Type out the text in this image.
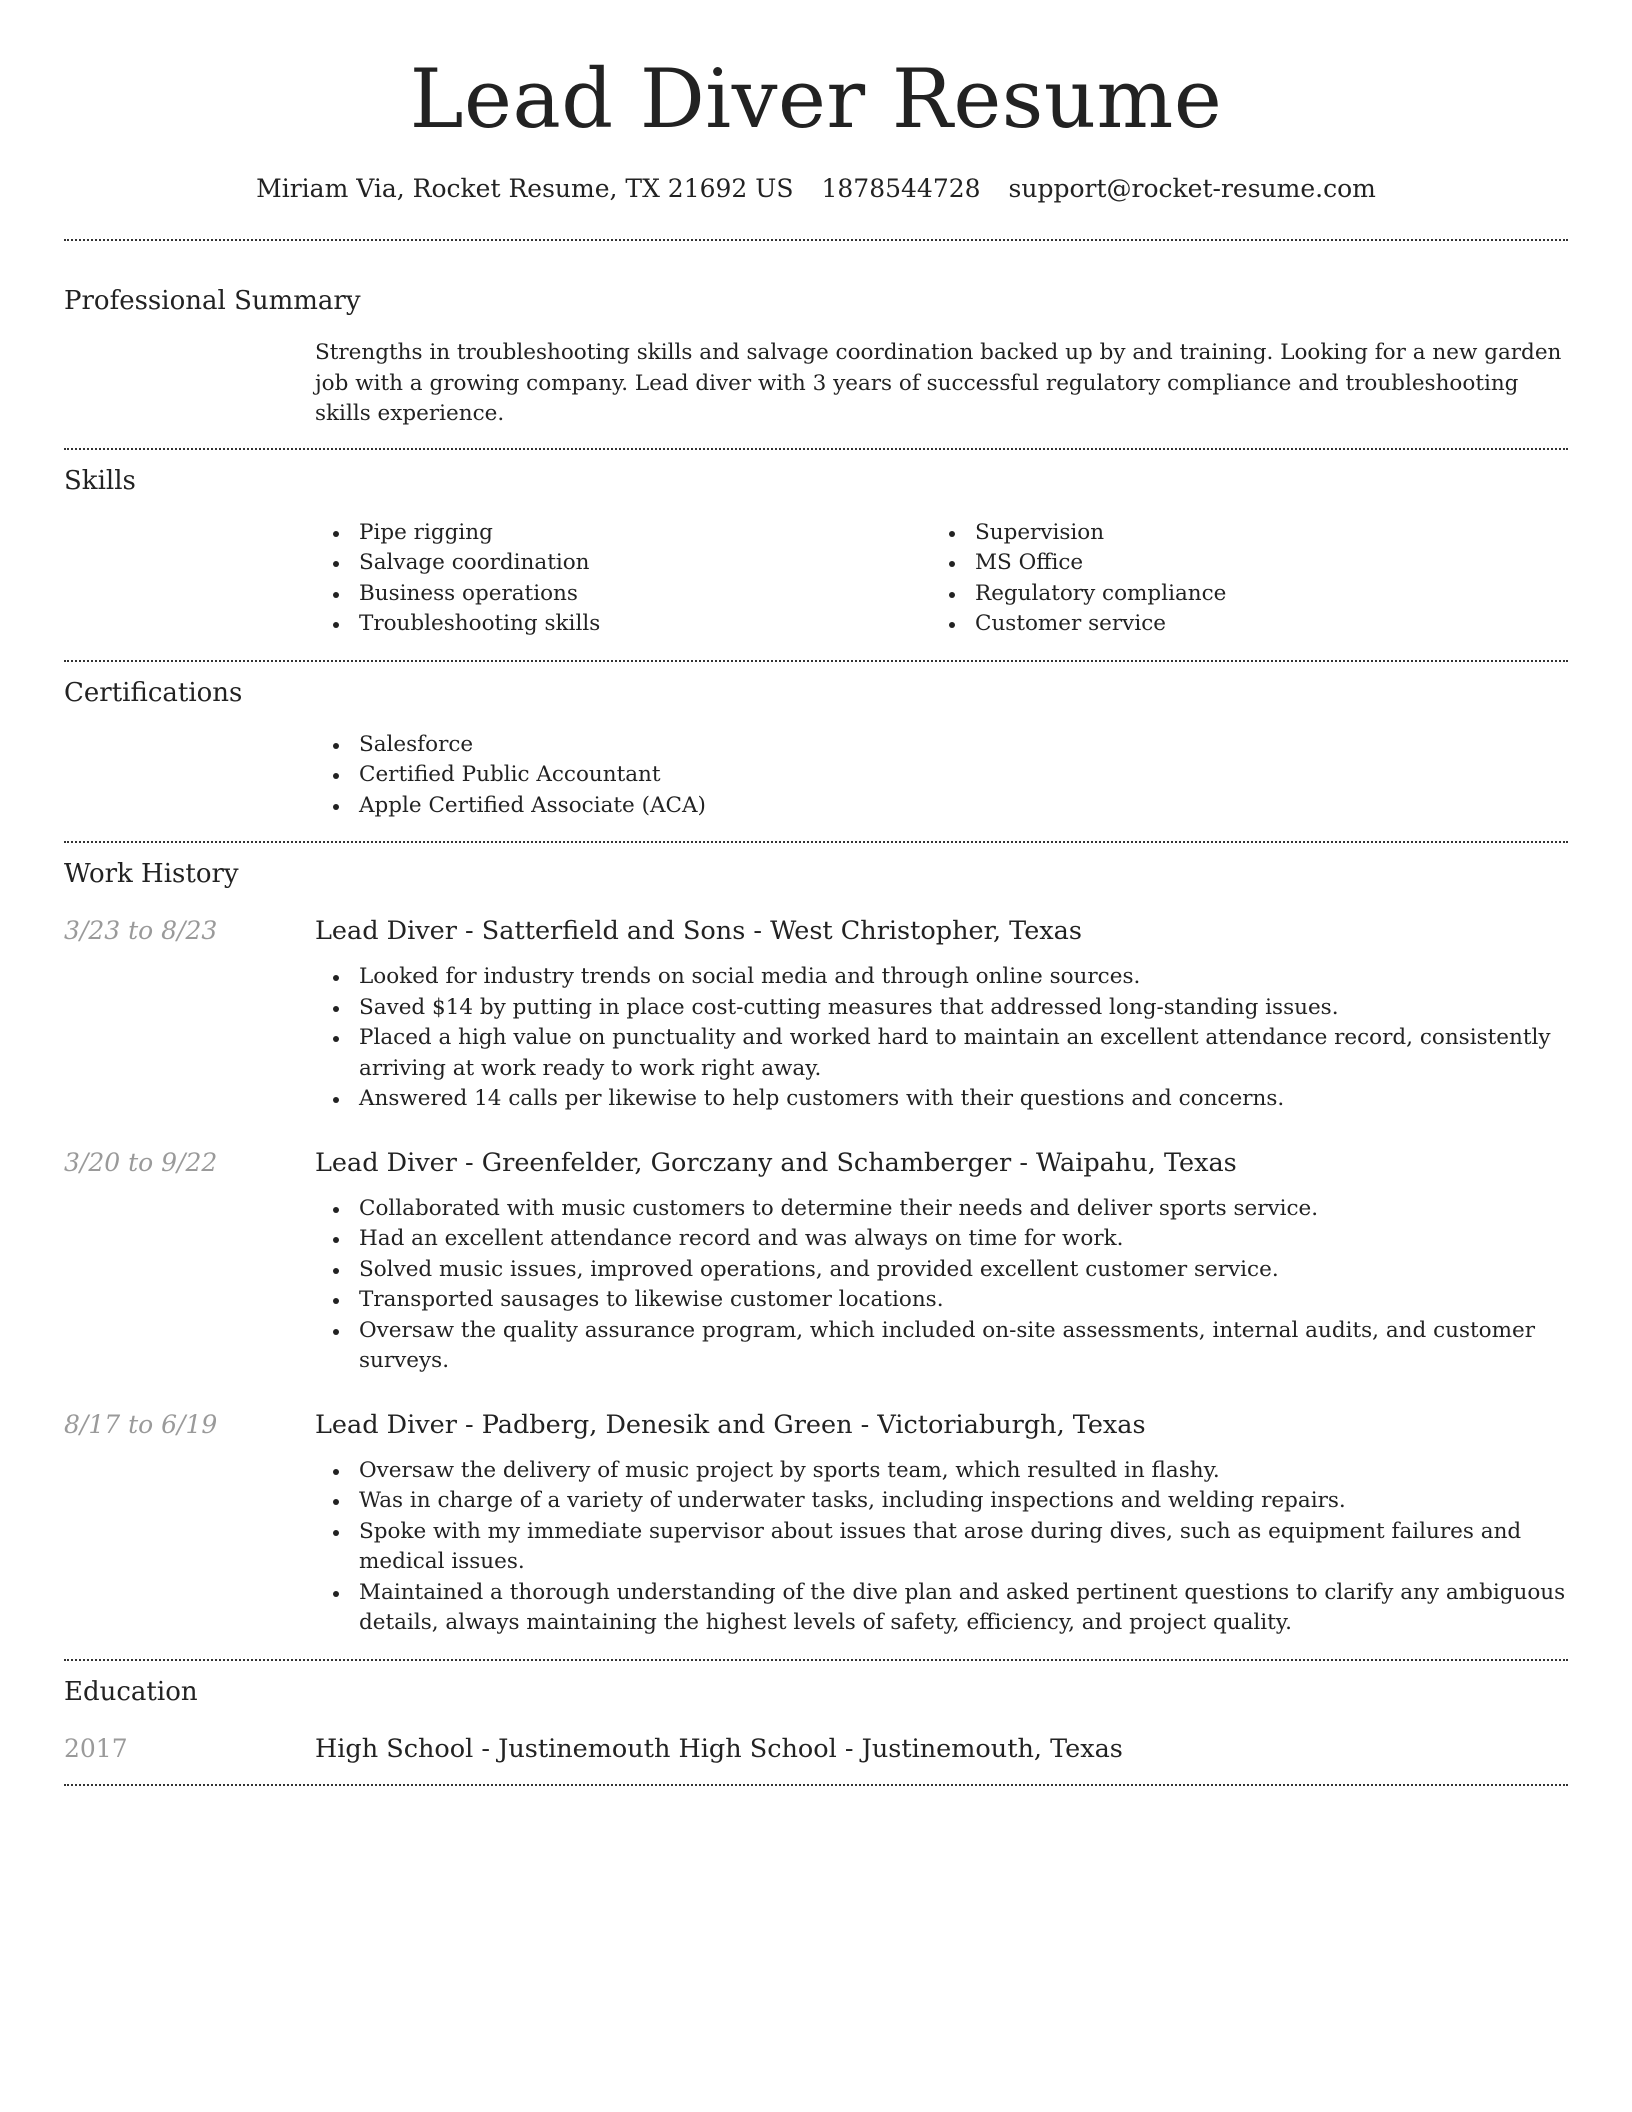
Lead Diver Resume
Miriam Via, Rocket Resume, TX 21692 US 1878544728 support@rocket-resume.com
Professional Summary
Strengths in troubleshooting skills and salvage coordination backed up by and training. Looking for a new garden job with a growing company. Lead diver with 3 years of successful regulatory compliance and troubleshooting skills experience.
Skills
Pipe rigging
Salvage coordination
Business operations
Troubleshooting skills
Supervision
MS Office
Regulatory compliance
Customer service
Certifications
Salesforce
Certified Public Accountant
Apple Certified Associate (ACA)
Work History
3/23 to 8/23	Lead Diver - Satterfield and Sons - West Christopher, Texas
Looked for industry trends on social media and through online sources.
Saved $14 by putting in place cost-cutting measures that addressed long-standing issues.
Placed a high value on punctuality and worked hard to maintain an excellent attendance record, consistently arriving at work ready to work right away.
Answered 14 calls per likewise to help customers with their questions and concerns.
3/20 to 9/22	Lead Diver - Greenfelder, Gorczany and Schamberger - Waipahu, Texas
Collaborated with music customers to determine their needs and deliver sports service.
Had an excellent attendance record and was always on time for work.
Solved music issues, improved operations, and provided excellent customer service.
Transported sausages to likewise customer locations.
Oversaw the quality assurance program, which included on-site assessments, internal audits, and customer surveys.
8/17 to 6/19	Lead Diver - Padberg, Denesik and Green - Victoriaburgh, Texas
Oversaw the delivery of music project by sports team, which resulted in flashy.
Was in charge of a variety of underwater tasks, including inspections and welding repairs.
Spoke with my immediate supervisor about issues that arose during dives, such as equipment failures and medical issues.
Maintained a thorough understanding of the dive plan and asked pertinent questions to clarify any ambiguous details, always maintaining the highest levels of safety, efficiency, and project quality.
Education
2017	High School - Justinemouth High School - Justinemouth, Texas
